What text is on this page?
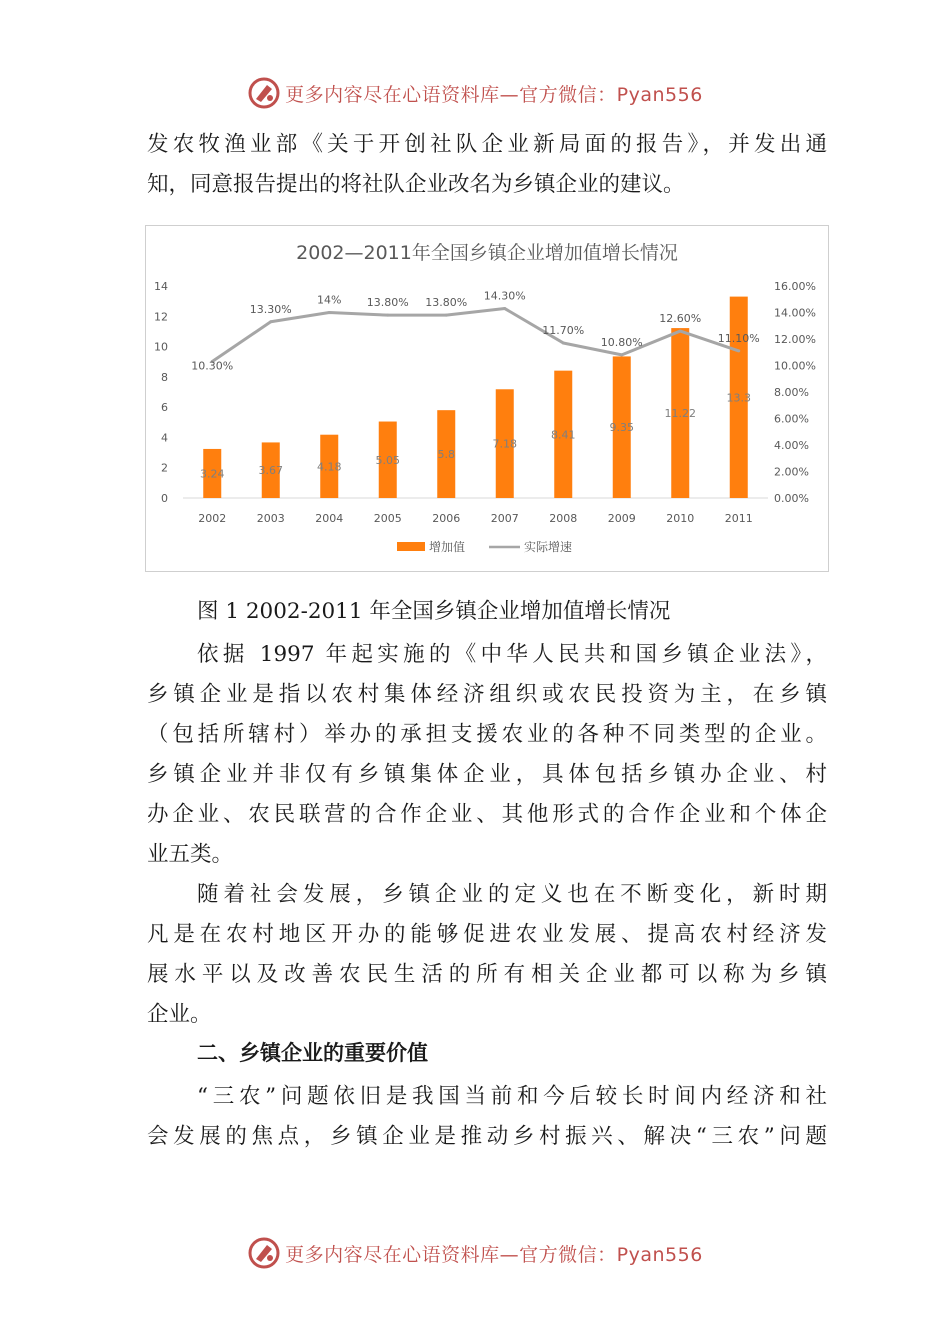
更多内容尽在心语资料库—官方微信：Pyan556

发农牧渔业部《关于开创社队企业新局面的报告》，并发出通

知，同意报告提出的将社队企业改名为乡镇企业的建议。

2002—2011年全国乡镇企业增加值增长情况
0
2
4
6
8
10
12
14
0.00%
2.00%
4.00%
6.00%
8.00%
10.00%
12.00%
14.00%
16.00%
3.24	3.67	4.18
5.05	5.8
7.18
8.41
9.35
11.22
13.3
10.30%
13.30%
14% 13.80% 13.80%
14.30%
11.70%
10.80%
12.60%
11.10%
2002	2003	2004	2005	2006	2007	2008	2009	2010	2011
增加值	实际增速

图 1 2002-2011 年全国乡镇企业增加值增长情况

依据 1997 年起实施的《中华人民共和国乡镇企业法》，

乡镇企业是指以农村集体经济组织或农民投资为主，在乡镇

（包括所辖村）举办的承担支援农业的各种不同类型的企业。

乡镇企业并非仅有乡镇集体企业，具体包括乡镇办企业、村

办企业、农民联营的合作企业、其他形式的合作企业和个体企

业五类。

随着社会发展，乡镇企业的定义也在不断变化，新时期

凡是在农村地区开办的能够促进农业发展、提高农村经济发

展水平以及改善农民生活的所有相关企业都可以称为乡镇

企业。

二、乡镇企业的重要价值

“三农”问题依旧是我国当前和今后较长时间内经济和社

会发展的焦点，乡镇企业是推动乡村振兴、解决“三农”问题

更多内容尽在心语资料库—官方微信：Pyan556
